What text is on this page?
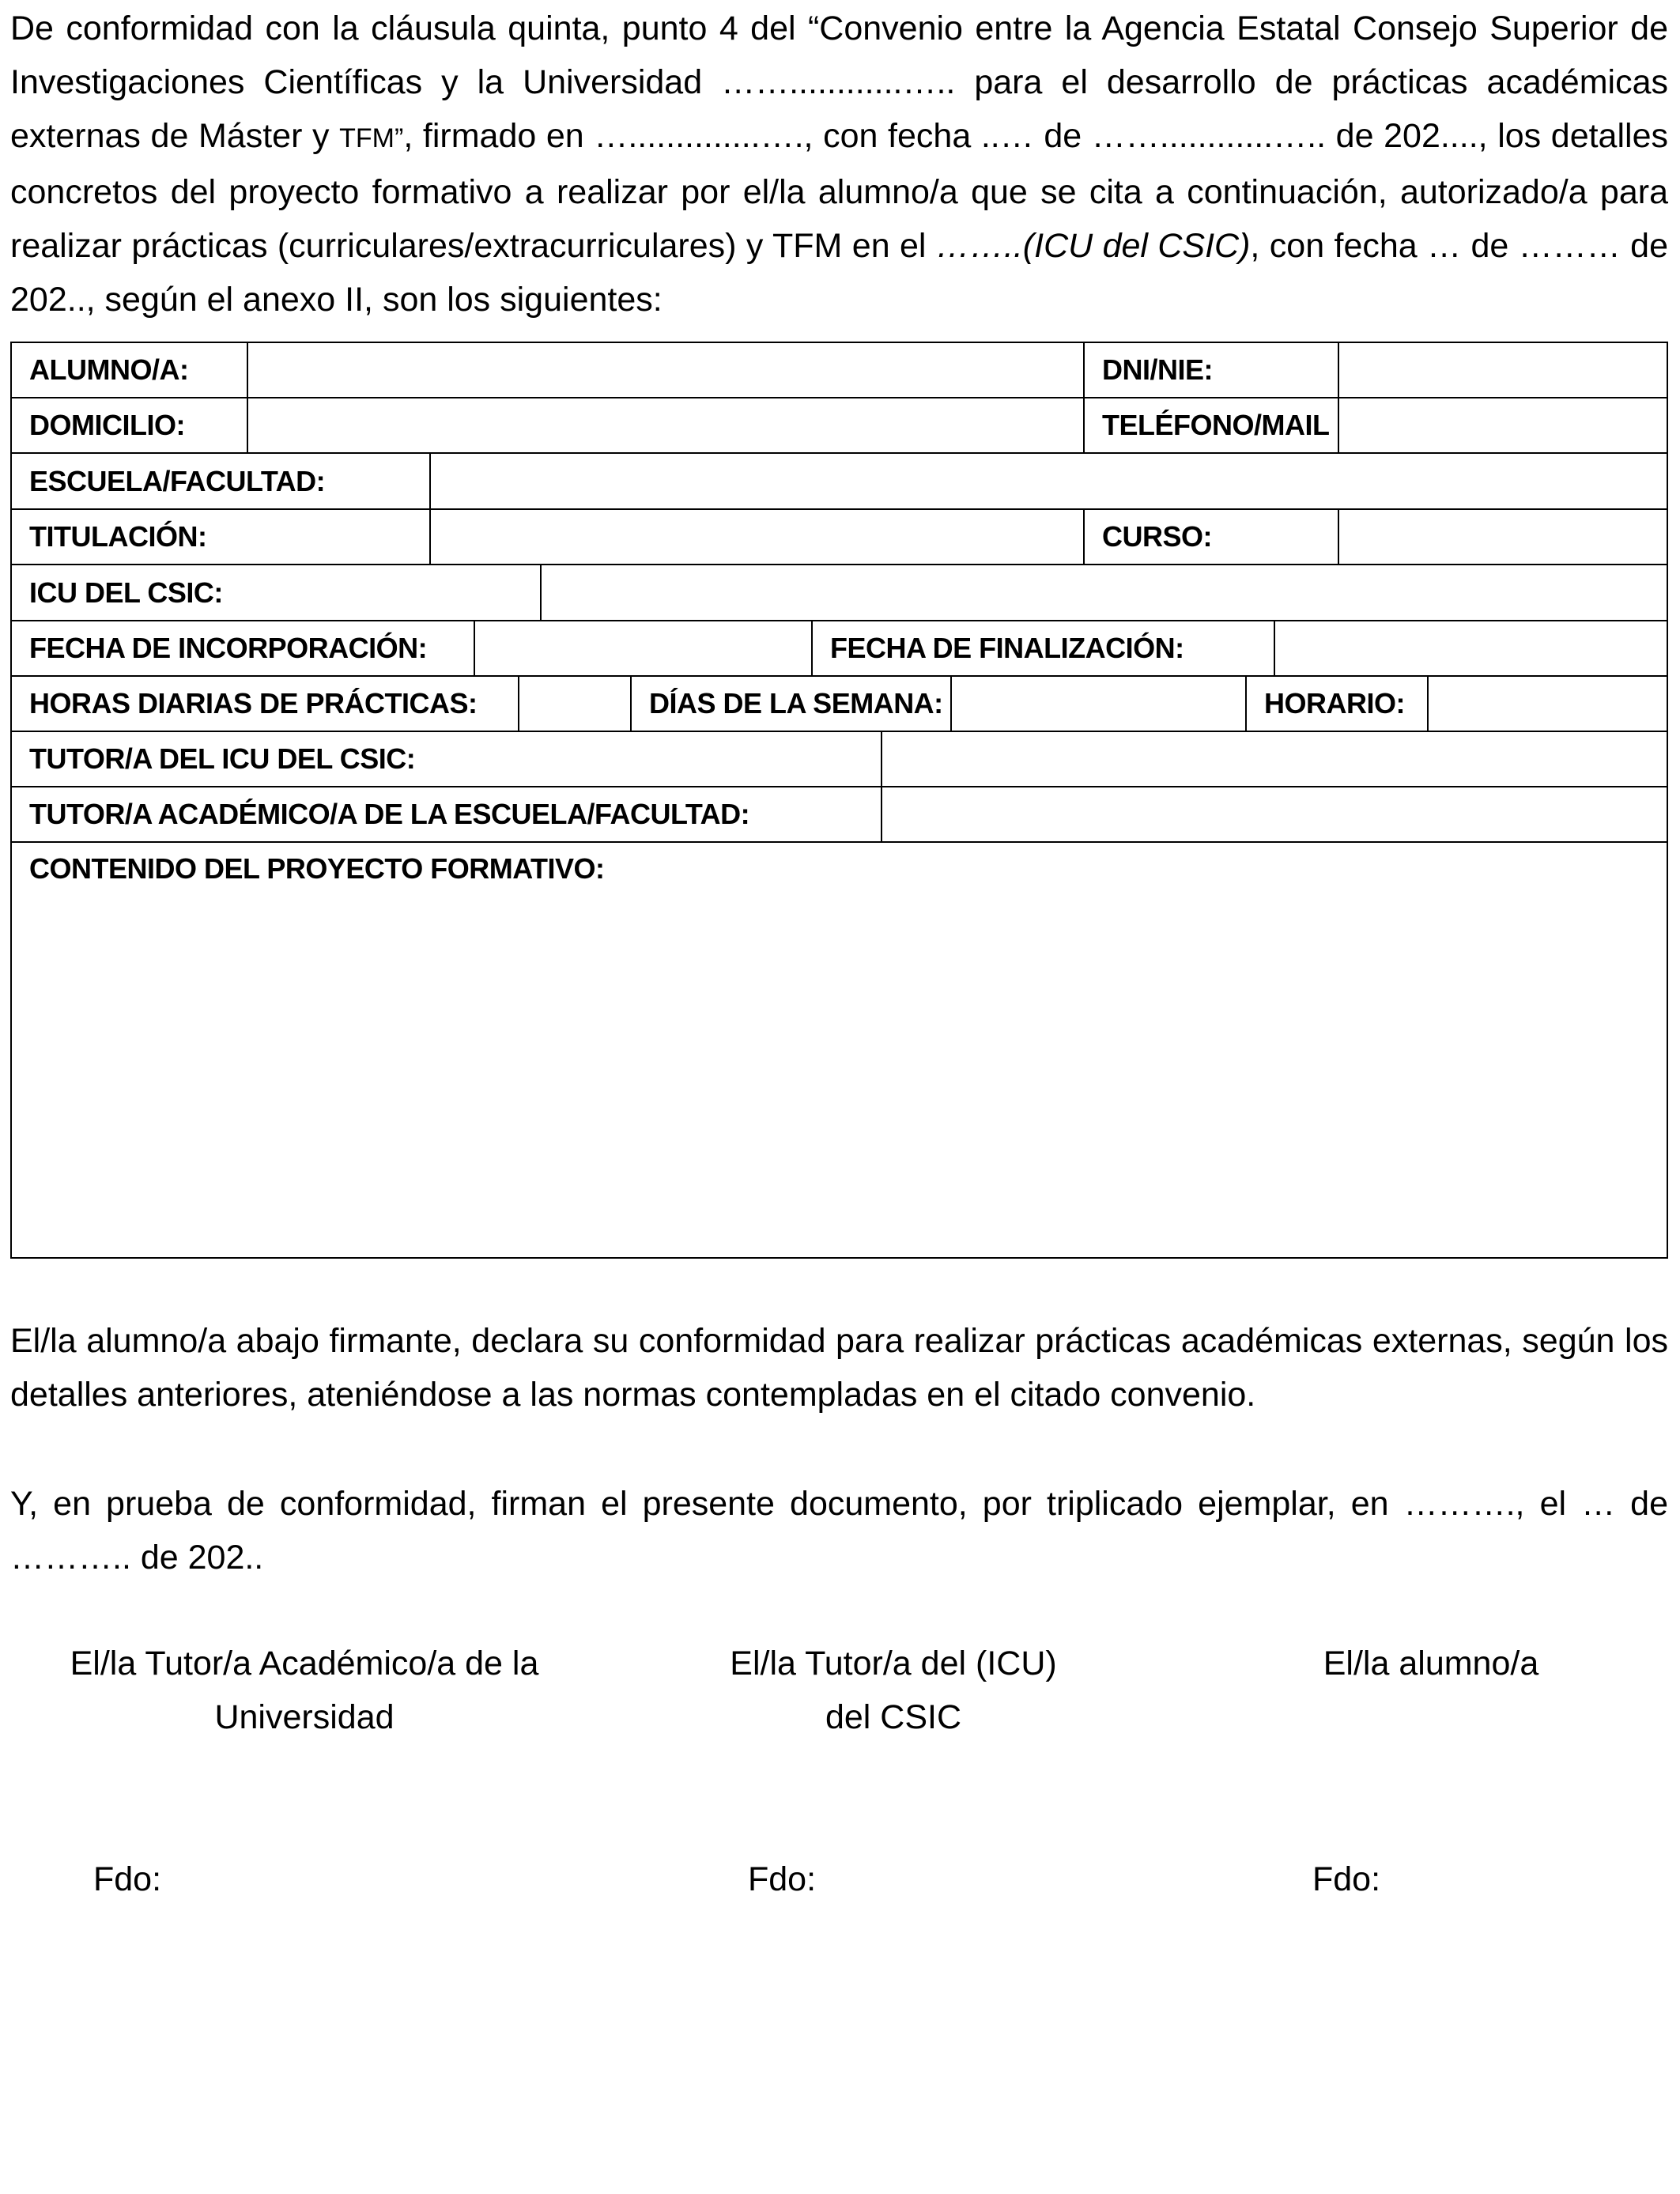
De conformidad con la cláusula quinta, punto 4 del “Convenio entre la Agencia Estatal Consejo Superior de Investigaciones Científicas y la Universidad ……............….. para el desarrollo de prácticas académicas externas de Máster y TFM”, firmado en …..............…., con fecha ..… de ……............….. de 202...., los detalles concretos del proyecto formativo a realizar por el/la alumno/a que se cita a continuación, autorizado/a para realizar prácticas (curriculares/extracurriculares) y TFM en el ……..(ICU del CSIC), con fecha … de ……… de 202.., según el anexo II, son los siguientes:
ALUMNO/A:	DNI/NIE:
DOMICILIO:	TELÉFONO/MAIL
ESCUELA/FACULTAD:
TITULACIÓN:	CURSO:
ICU DEL CSIC:
FECHA DE INCORPORACIÓN:	FECHA DE FINALIZACIÓN:
HORAS DIARIAS DE PRÁCTICAS:	DÍAS DE LA SEMANA:	HORARIO:
TUTOR/A DEL ICU DEL CSIC:
TUTOR/A ACADÉMICO/A DE LA ESCUELA/FACULTAD:
CONTENIDO DEL PROYECTO FORMATIVO:
El/la alumno/a abajo firmante, declara su conformidad para realizar prácticas académicas externas, según los detalles anteriores, ateniéndose a las normas contempladas en el citado convenio.
Y, en prueba de conformidad, firman el presente documento, por triplicado ejemplar, en ………., el … de ……….. de 202..
El/la Tutor/a Académico/a de la
Universidad
El/la Tutor/a del (ICU)
del CSIC
El/la alumno/a
Fdo:	Fdo:	Fdo:
